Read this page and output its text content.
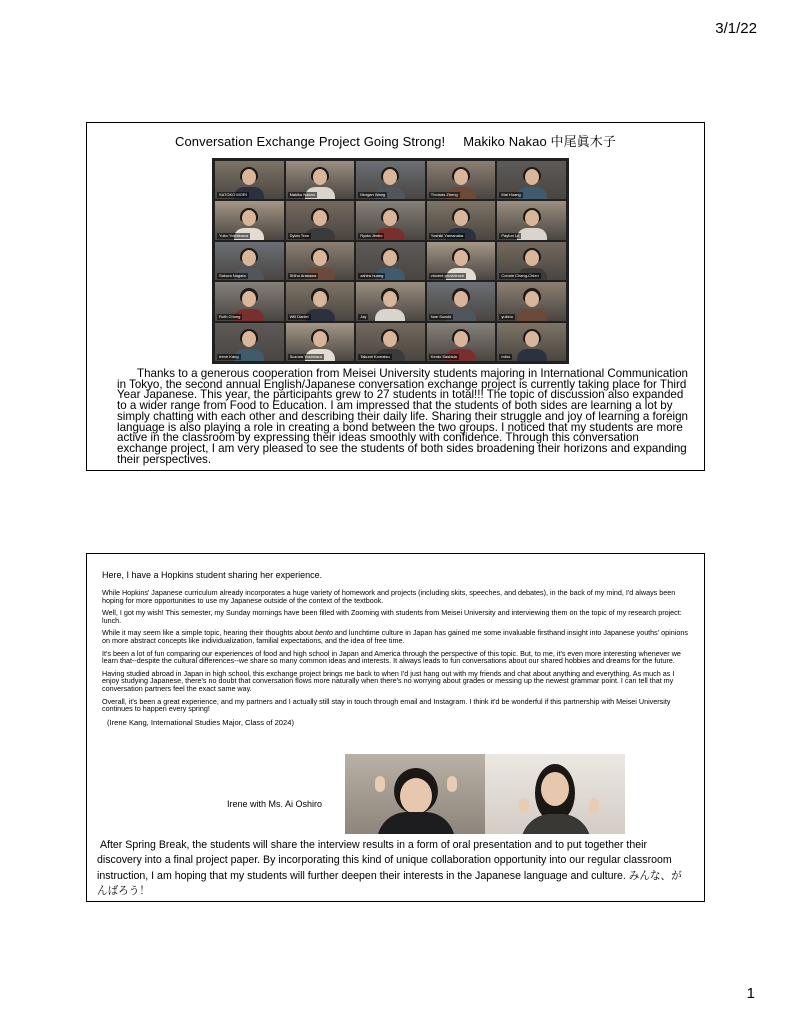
3/1/22
Conversation Exchange Project Going Strong! Makiko Nakao 中尾眞木子
SATOKO MORI	Makiko Nakao	Morgan Wang	Thomas Zheng	Mai Hoang
Yuko Yoshikawa	Dylan Tran	Ryota Jimbo	Yoshiki Yamanaka	Payton Lu
Sakura Nagata	Shiho Arakawa	zahira huang	vincent providence	Connie Chang-Chien
Ruth Chung	Will Daniel	Jay	Noe Suzuki	yukino
Irene Kang	Suzuna Yoshihara	Takumi Komatsu	Kento Sashida	miho
Thanks to a generous cooperation from Meisei University students majoring in International Communication in Tokyo, the second annual English/Japanese conversation exchange project is currently taking place for Third Year Japanese. This year, the participants grew to 27 students in total!!! The topic of discussion also expanded to a wider range from Food to Education. I am impressed that the students of both sides are learning a lot by simply chatting with each other and describing their daily life. Sharing their struggle and joy of learning a foreign language is also playing a role in creating a bond between the two groups. I noticed that my students are more active in the classroom by expressing their ideas smoothly with confidence. Through this conversation exchange project, I am very pleased to see the students of both sides broadening their horizons and expanding their perspectives.

Here, I have a Hopkins student sharing her experience.

While Hopkins' Japanese curriculum already incorporates a huge variety of homework and projects (including skits, speeches, and debates), in the back of my mind, I'd always been hoping for more opportunities to use my Japanese outside of the context of the textbook.

Well, I got my wish! This semester, my Sunday mornings have been filled with Zooming with students from Meisei University and interviewing them on the topic of my research project: lunch.

While it may seem like a simple topic, hearing their thoughts about bento and lunchtime culture in Japan has gained me some invaluable firsthand insight into Japanese youths' opinions on more abstract concepts like individualization, familial expectations, and the idea of free time.

It's been a lot of fun comparing our experiences of food and high school in Japan and America through the perspective of this topic. But, to me, it's even more interesting whenever we learn that--despite the cultural differences--we share so many common ideas and interests. It always leads to fun conversations about our shared hobbies and dreams for the future.

Having studied abroad in Japan in high school, this exchange project brings me back to when I'd just hang out with my friends and chat about anything and everything. As much as I enjoy studying Japanese, there's no doubt that conversation flows more naturally when there's no worrying about grades or messing up the newest grammar point. I can tell that my conversation partners feel the exact same way.

Overall, it's been a great experience, and my partners and I actually still stay in touch through email and Instagram. I think it'd be wonderful if this partnership with Meisei University continues to happen every spring!

(Irene Kang, International Studies Major, Class of 2024)

Irene with Ms. Ai Oshiro
After Spring Break, the students will share the interview results in a form of oral presentation and to put together their discovery into a final project paper. By incorporating this kind of unique collaboration opportunity into our regular classroom instruction, I am hoping that my students will further deepen their interests in the Japanese language and culture. みんな、がんばろう！
1
